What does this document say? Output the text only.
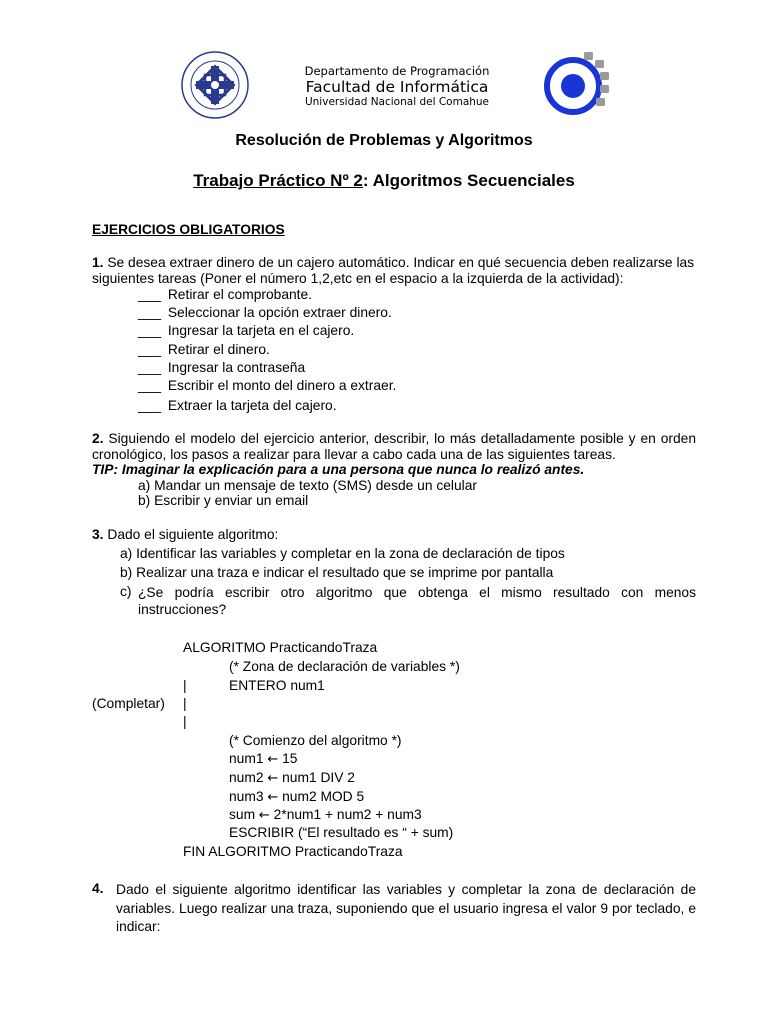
Departamento de Programación
Facultad de Informática
Universidad Nacional del Comahue
Resolución de Problemas y Algoritmos
Trabajo Práctico Nº 2: Algoritmos Secuenciales
EJERCICIOS OBLIGATORIOS
1. Se desea extraer dinero de un cajero automático. Indicar en qué secuencia deben realizarse las siguientes tareas (Poner el número 1,2,etc en el espacio a la izquierda de la actividad):
___ Retirar el comprobante.
___ Seleccionar la opción extraer dinero.
___ Ingresar la tarjeta en el cajero.
___ Retirar el dinero.
___ Ingresar la contraseña
___ Escribir el monto del dinero a extraer.
___ Extraer la tarjeta del cajero.
2. Siguiendo el modelo del ejercicio anterior, describir, lo más detalladamente posible y en orden cronológico, los pasos a realizar para llevar a cabo cada una de las siguientes tareas.
TIP: Imaginar la explicación para a una persona que nunca lo realizó antes.
a) Mandar un mensaje de texto (SMS) desde un celular
b) Escribir y enviar un email
3. Dado el siguiente algoritmo:
a) Identificar las variables y completar en la zona de declaración de tipos
b) Realizar una traza e indicar el resultado que se imprime por pantalla
c) ¿Se podría escribir otro algoritmo que obtenga el mismo resultado con menos instrucciones?
ALGORITMO PracticandoTraza
(* Zona de declaración de variables *)
|	ENTERO num1
(Completar) |
|
(* Comienzo del algoritmo *)
num1 ← 15
num2 ← num1 DIV 2
num3 ← num2 MOD 5
sum ← 2*num1 + num2 + num3
ESCRIBIR (“El resultado es “ + sum)
FIN ALGORITMO PracticandoTraza
4. Dado el siguiente algoritmo identificar las variables y completar la zona de declaración de variables. Luego realizar una traza, suponiendo que el usuario ingresa el valor 9 por teclado, e indicar:
